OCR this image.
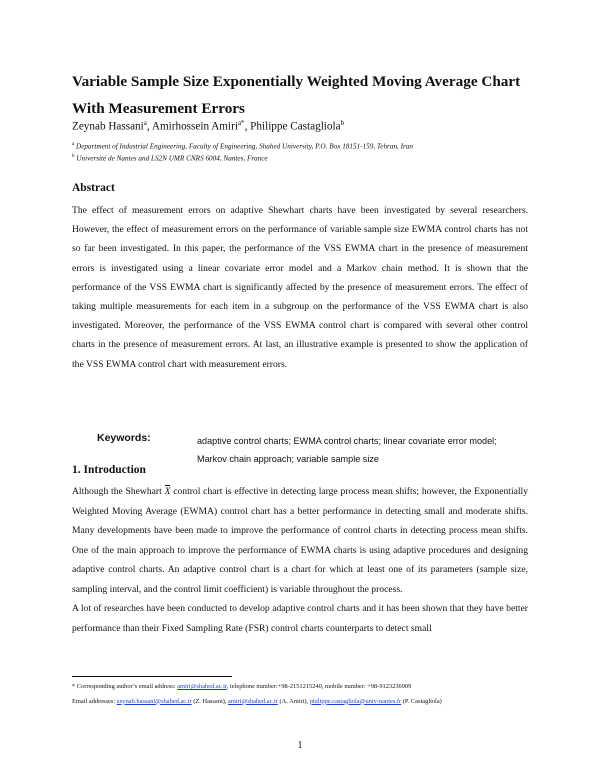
Variable Sample Size Exponentially Weighted Moving Average Chart With Measurement Errors
Zeynab Hassani$^a$, Amirhossein Amiri$^{a*}$, Philippe Castagliola$^b$
$^a$ Department of Industrial Engineering, Faculty of Engineering, Shahed University, P.O. Box 18151-159, Tehran, Iran
$^b$ Université de Nantes and LS2N UMR CNRS 6004, Nantes, France
Abstract
The effect of measurement errors on adaptive Shewhart charts have been investigated by several researchers. However, the effect of measurement errors on the performance of variable sample size EWMA control charts has not so far been investigated. In this paper, the performance of the VSS EWMA chart in the presence of measurement errors is investigated using a linear covariate error model and a Markov chain method. It is shown that the performance of the VSS EWMA chart is significantly affected by the presence of measurement errors. The effect of taking multiple measurements for each item in a subgroup on the performance of the VSS EWMA chart is also investigated. Moreover, the performance of the VSS EWMA control chart is compared with several other control charts in the presence of measurement errors. At last, an illustrative example is presented to show the application of the VSS EWMA control chart with measurement errors.
Keywords:	adaptive control charts; EWMA control charts; linear covariate error model; Markov chain approach; variable sample size
1. Introduction

Although the Shewhart X control chart is effective in detecting large process mean shifts; however, the Exponentially Weighted Moving Average (EWMA) control chart has a better performance in detecting small and moderate shifts. Many developments have been made to improve the performance of control charts in detecting process mean shifts. One of the main approach to improve the performance of EWMA charts is using adaptive procedures and designing adaptive control charts. An adaptive control chart is a chart for which at least one of its parameters (sample size, sampling interval, and the control limit coefficient) is variable throughout the process.

A lot of researches have been conducted to develop adaptive control charts and it has been shown that they have better performance than their Fixed Sampling Rate (FSR) control charts counterparts to detect small

* Corresponding author’s email address: amiri@shahed.ac.ir, telephone number:+98-2151215240, mobile number: +98-9123236909
Email addresses: zeynab.hassani@shahed.ac.ir (Z. Hassani), amiri@shahed.ac.ir (A. Amiri), philippe.castagliola@univ-nantes.fr (P. Castagliola)
1
